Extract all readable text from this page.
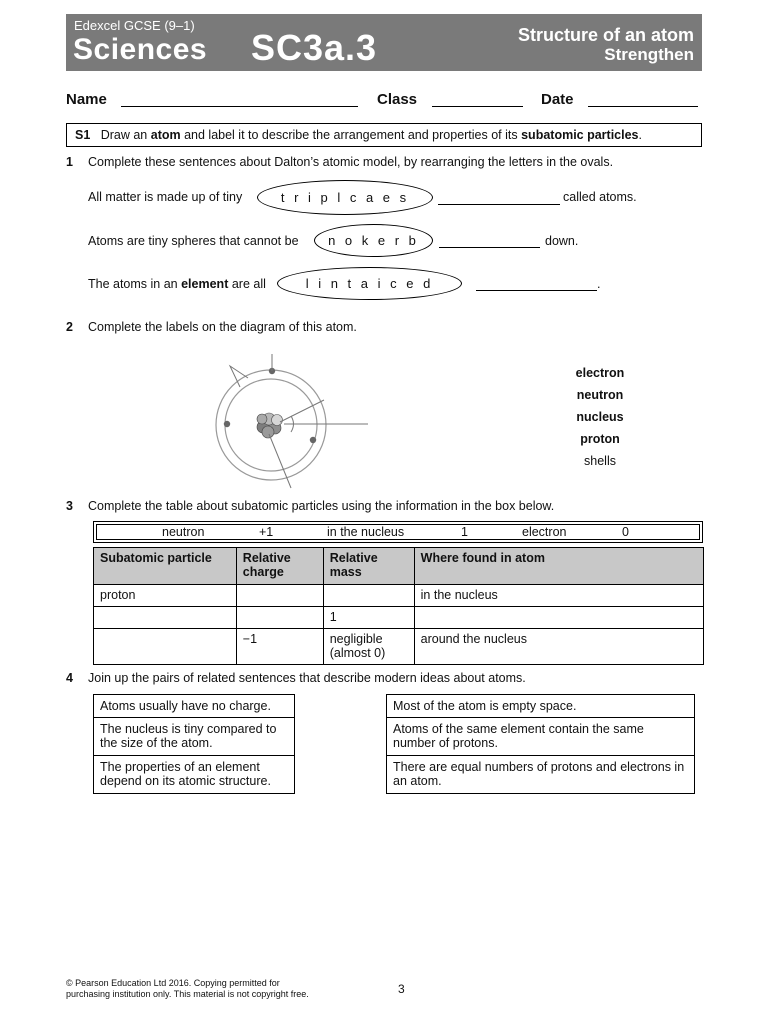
Edexcel GCSE (9–1)
Sciences SC3a.3	Structure of an atom
Strengthen
Name	Class	Date
S1 Draw an atom and label it to describe the arrangement and properties of its subatomic particles.
1 Complete these sentences about Dalton’s atomic model, by rearranging the letters in the ovals.
All matter is made up of tiny	t r i p l c a e s	called atoms.
Atoms are tiny spheres that cannot be	n o k e r b	down.
The atoms in an element are all	l i n t a i c e d	.
2 Complete the labels on the diagram of this atom.
electron
neutron
nucleus
proton
shells
3 Complete the table about subatomic particles using the information in the box below.
neutron	+1	in the nucleus	1	electron	0
Subatomic particle	Relative charge	Relative mass	Where found in atom
proton			in the nucleus
		1	
	−1	negligible (almost 0)	around the nucleus
4 Join up the pairs of related sentences that describe modern ideas about atoms.
Atoms usually have no charge.
The nucleus is tiny compared to the size of the atom.
The properties of an element depend on its atomic structure.
Most of the atom is empty space.
Atoms of the same element contain the same number of protons.
There are equal numbers of protons and electrons in an atom.
© Pearson Education Ltd 2016. Copying permitted for
purchasing institution only. This material is not copyright free.	3
